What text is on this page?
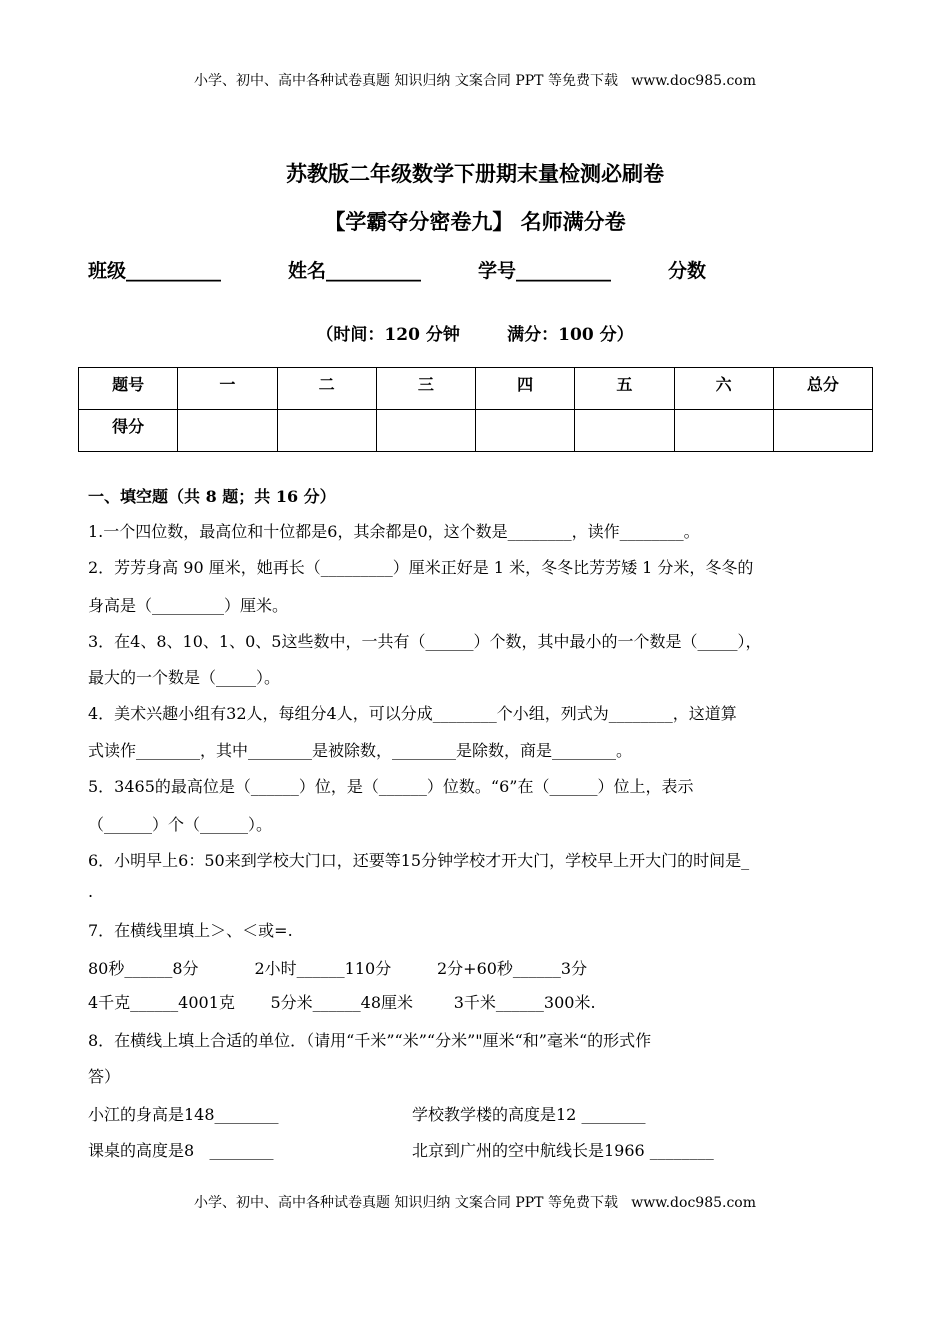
小学、初中、高中各种试卷真题 知识归纳 文案合同 PPT 等免费下载   www.doc985.com
苏教版二年级数学下册期末量检测必刷卷
【学霸夺分密卷九】 名师满分卷
班级__________	姓名__________	学号__________	分数
（时间：120 分钟        满分：100 分）
题号	一	二	三	四	五	六	总分
得分							
一、填空题（共 8 题；共 16 分）
1.一个四位数，最高位和十位都是6，其余都是0，这个数是________，读作________。
2．芳芳身高 90 厘米，她再长（_________）厘米正好是 1 米，冬冬比芳芳矮 1 分米，冬冬的
身高是（_________）厘米。
3．在4、8、10、1、0、5这些数中，一共有（______）个数，其中最小的一个数是（_____），
最大的一个数是（_____）。
4．美术兴趣小组有32人，每组分4人，可以分成________个小组，列式为________，这道算
式读作________，其中________是被除数，________是除数，商是________。
5．3465的最高位是（______）位，是（______）位数。“6”在（______）位上，表示
（______）个（______）。
6．小明早上6：50来到学校大门口，还要等15分钟学校才开大门，学校早上开大门的时间是_
.
7．在横线里填上＞、＜或=.
80秒______8分           2小时______110分         2分+60秒______3分
4千克______4001克       5分米______48厘米        3千米______300米.
8．在横线上填上合适的单位．（请用“千米”“米”“分米”"厘米“和”毫米“的形式作
答）
小江的身高是148________	学校教学楼的高度是12 ________
课桌的高度是8   ________	北京到广州的空中航线长是1966 ________
小学、初中、高中各种试卷真题 知识归纳 文案合同 PPT 等免费下载   www.doc985.com
